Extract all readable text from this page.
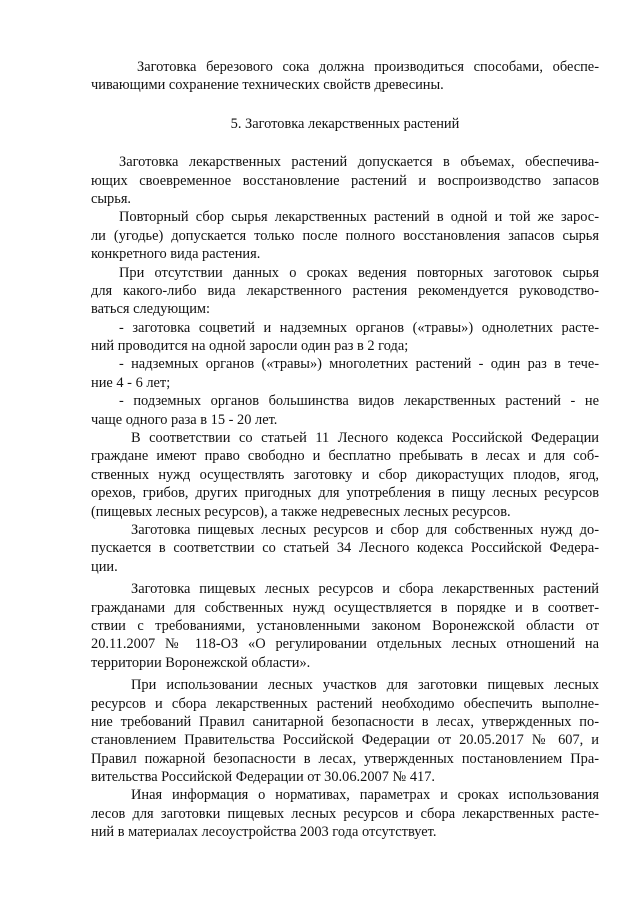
Заготовка березового сока должна производиться способами, обеспе-
чивающими сохранение технических свойств древесины.
5. Заготовка лекарственных растений
Заготовка лекарственных растений допускается в объемах, обеспечива-
ющих своевременное восстановление растений и воспроизводство запасов
сырья.
Повторный сбор сырья лекарственных растений в одной и той же зарос-
ли (угодье) допускается только после полного восстановления запасов сырья
конкретного вида растения.
При отсутствии данных о сроках ведения повторных заготовок сырья
для какого-либо вида лекарственного растения рекомендуется руководство-
ваться следующим:
- заготовка соцветий и надземных органов («травы») однолетних расте-
ний проводится на одной заросли один раз в 2 года;
- надземных органов («травы») многолетних растений - один раз в тече-
ние 4 - 6 лет;
- подземных органов большинства видов лекарственных растений - не
чаще одного раза в 15 - 20 лет.
В соответствии со статьей 11 Лесного кодекса Российской Федерации
граждане имеют право свободно и бесплатно пребывать в лесах и для соб-
ственных нужд осуществлять заготовку и сбор дикорастущих плодов, ягод,
орехов, грибов, других пригодных для употребления в пищу лесных ресурсов
(пищевых лесных ресурсов), а также недревесных лесных ресурсов.
Заготовка пищевых лесных ресурсов и сбор для собственных нужд до-
пускается в соответствии со статьей 34 Лесного кодекса Российской Федера-
ции.
Заготовка пищевых лесных ресурсов и сбора лекарственных растений
гражданами для собственных нужд осуществляется в порядке и в соответ-
ствии с требованиями, установленными законом Воронежской области от
20.11.2007 № 118-ОЗ «О регулировании отдельных лесных отношений на
территории Воронежской области».
При использовании лесных участков для заготовки пищевых лесных
ресурсов и сбора лекарственных растений необходимо обеспечить выполне-
ние требований Правил санитарной безопасности в лесах, утвержденных по-
становлением Правительства Российской Федерации от 20.05.2017 № 607, и
Правил пожарной безопасности в лесах, утвержденных постановлением Пра-
вительства Российской Федерации от 30.06.2007 № 417.
Иная информация о нормативах, параметрах и сроках использования
лесов для заготовки пищевых лесных ресурсов и сбора лекарственных расте-
ний в материалах лесоустройства 2003 года отсутствует.
